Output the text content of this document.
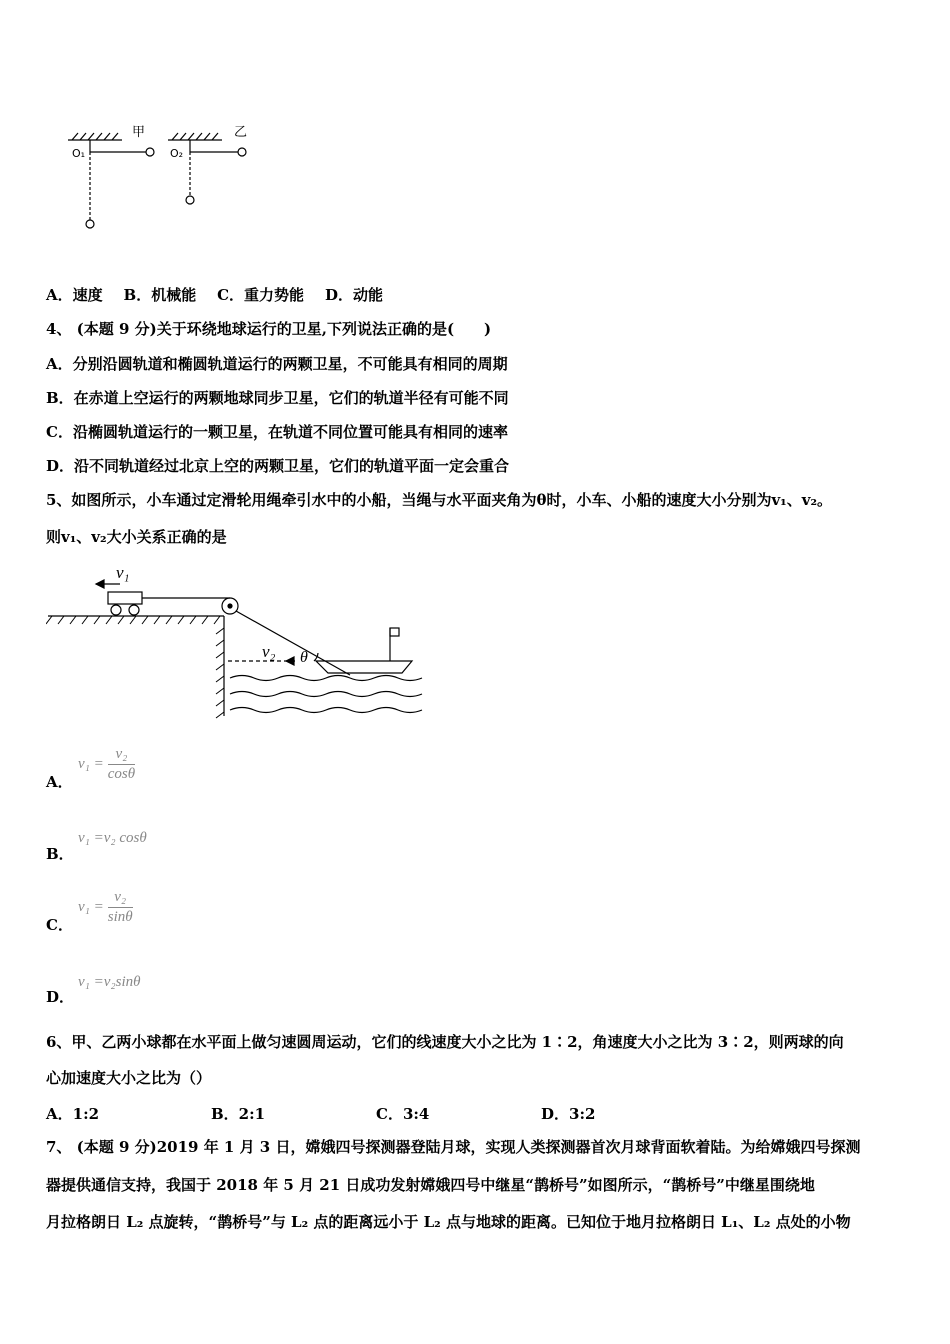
甲	乙
O₁	O₂
A．速度 B．机械能 C．重力势能 D．动能
4、 (本题 9 分)关于环绕地球运行的卫星,下列说法正确的是(　　)
A．分别沿圆轨道和椭圆轨道运行的两颗卫星，不可能具有相同的周期
B．在赤道上空运行的两颗地球同步卫星，它们的轨道半径有可能不同
C．沿椭圆轨道运行的一颗卫星，在轨道不同位置可能具有相同的速率
D．沿不同轨道经过北京上空的两颗卫星，它们的轨道平面一定会重合
5、如图所示，小车通过定滑轮用绳牵引水中的小船，当绳与水平面夹角为θ时，小车、小船的速度大小分别为v₁、v₂。
则v₁、v₂大小关系正确的是
v₁
v₂ θ
A．
$v_1 = \frac{\text{v₂}}{\cos\theta}$
B．
v₁ =v₂ cosθ
C．
$v_1 = \frac{\text{v₂}}{\sin\theta}$
D．
v₁ =v₂sinθ
6、甲、乙两小球都在水平面上做匀速圆周运动，它们的线速度大小之比为 1∶2，角速度大小之比为 3∶2，则两球的向
心加速度大小之比为（）
A．1:2	B．2:1	C．3:4	D．3:2
7、 (本题 9 分)2019 年 1 月 3 日，嫦娥四号探测器登陆月球，实现人类探测器首次月球背面软着陆。为给嫦娥四号探测
器提供通信支持，我国于 2018 年 5 月 21 日成功发射嫦娥四号中继星“鹊桥号”如图所示，“鹊桥号”中继星围绕地
月拉格朗日 L₂ 点旋转，“鹊桥号”与 L₂ 点的距离远小于 L₂ 点与地球的距离。已知位于地月拉格朗日 L₁、L₂ 点处的小物
